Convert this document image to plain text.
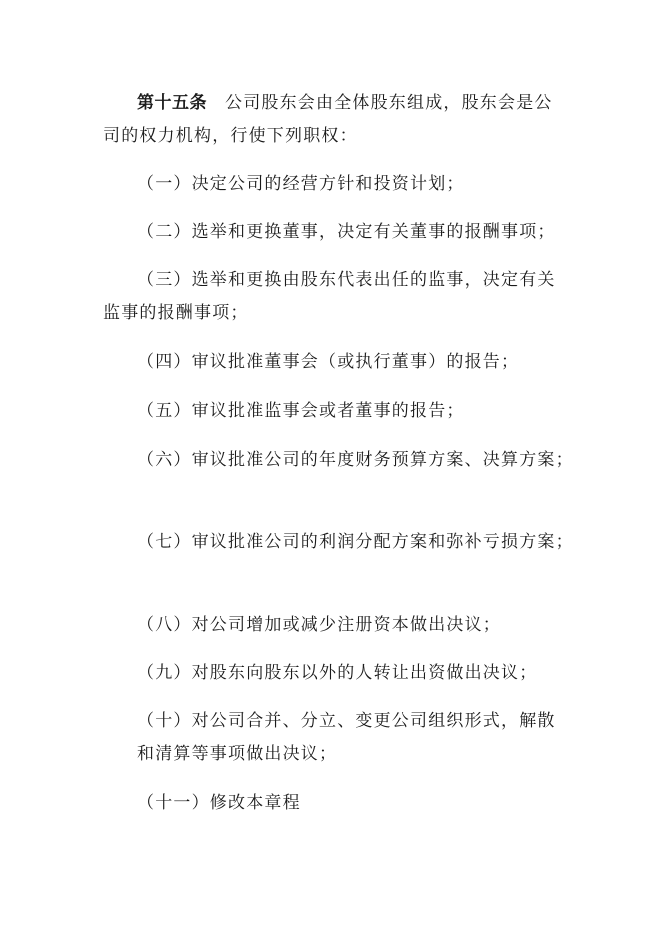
第十五条 公司股东会由全体股东组成，股东会是公
司的权力机构，行使下列职权：
（一）决定公司的经营方针和投资计划；
（二）选举和更换董事，决定有关董事的报酬事项；
（三）选举和更换由股东代表出任的监事，决定有关
监事的报酬事项；
（四）审议批准董事会（或执行董事）的报告；
（五）审议批准监事会或者董事的报告；
（六）审议批准公司的年度财务预算方案、决算方案；
（七）审议批准公司的利润分配方案和弥补亏损方案；
（八）对公司增加或减少注册资本做出决议；
（九）对股东向股东以外的人转让出资做出决议；
（十）对公司合并、分立、变更公司组织形式，解散
和清算等事项做出决议；
（十一）修改本章程
